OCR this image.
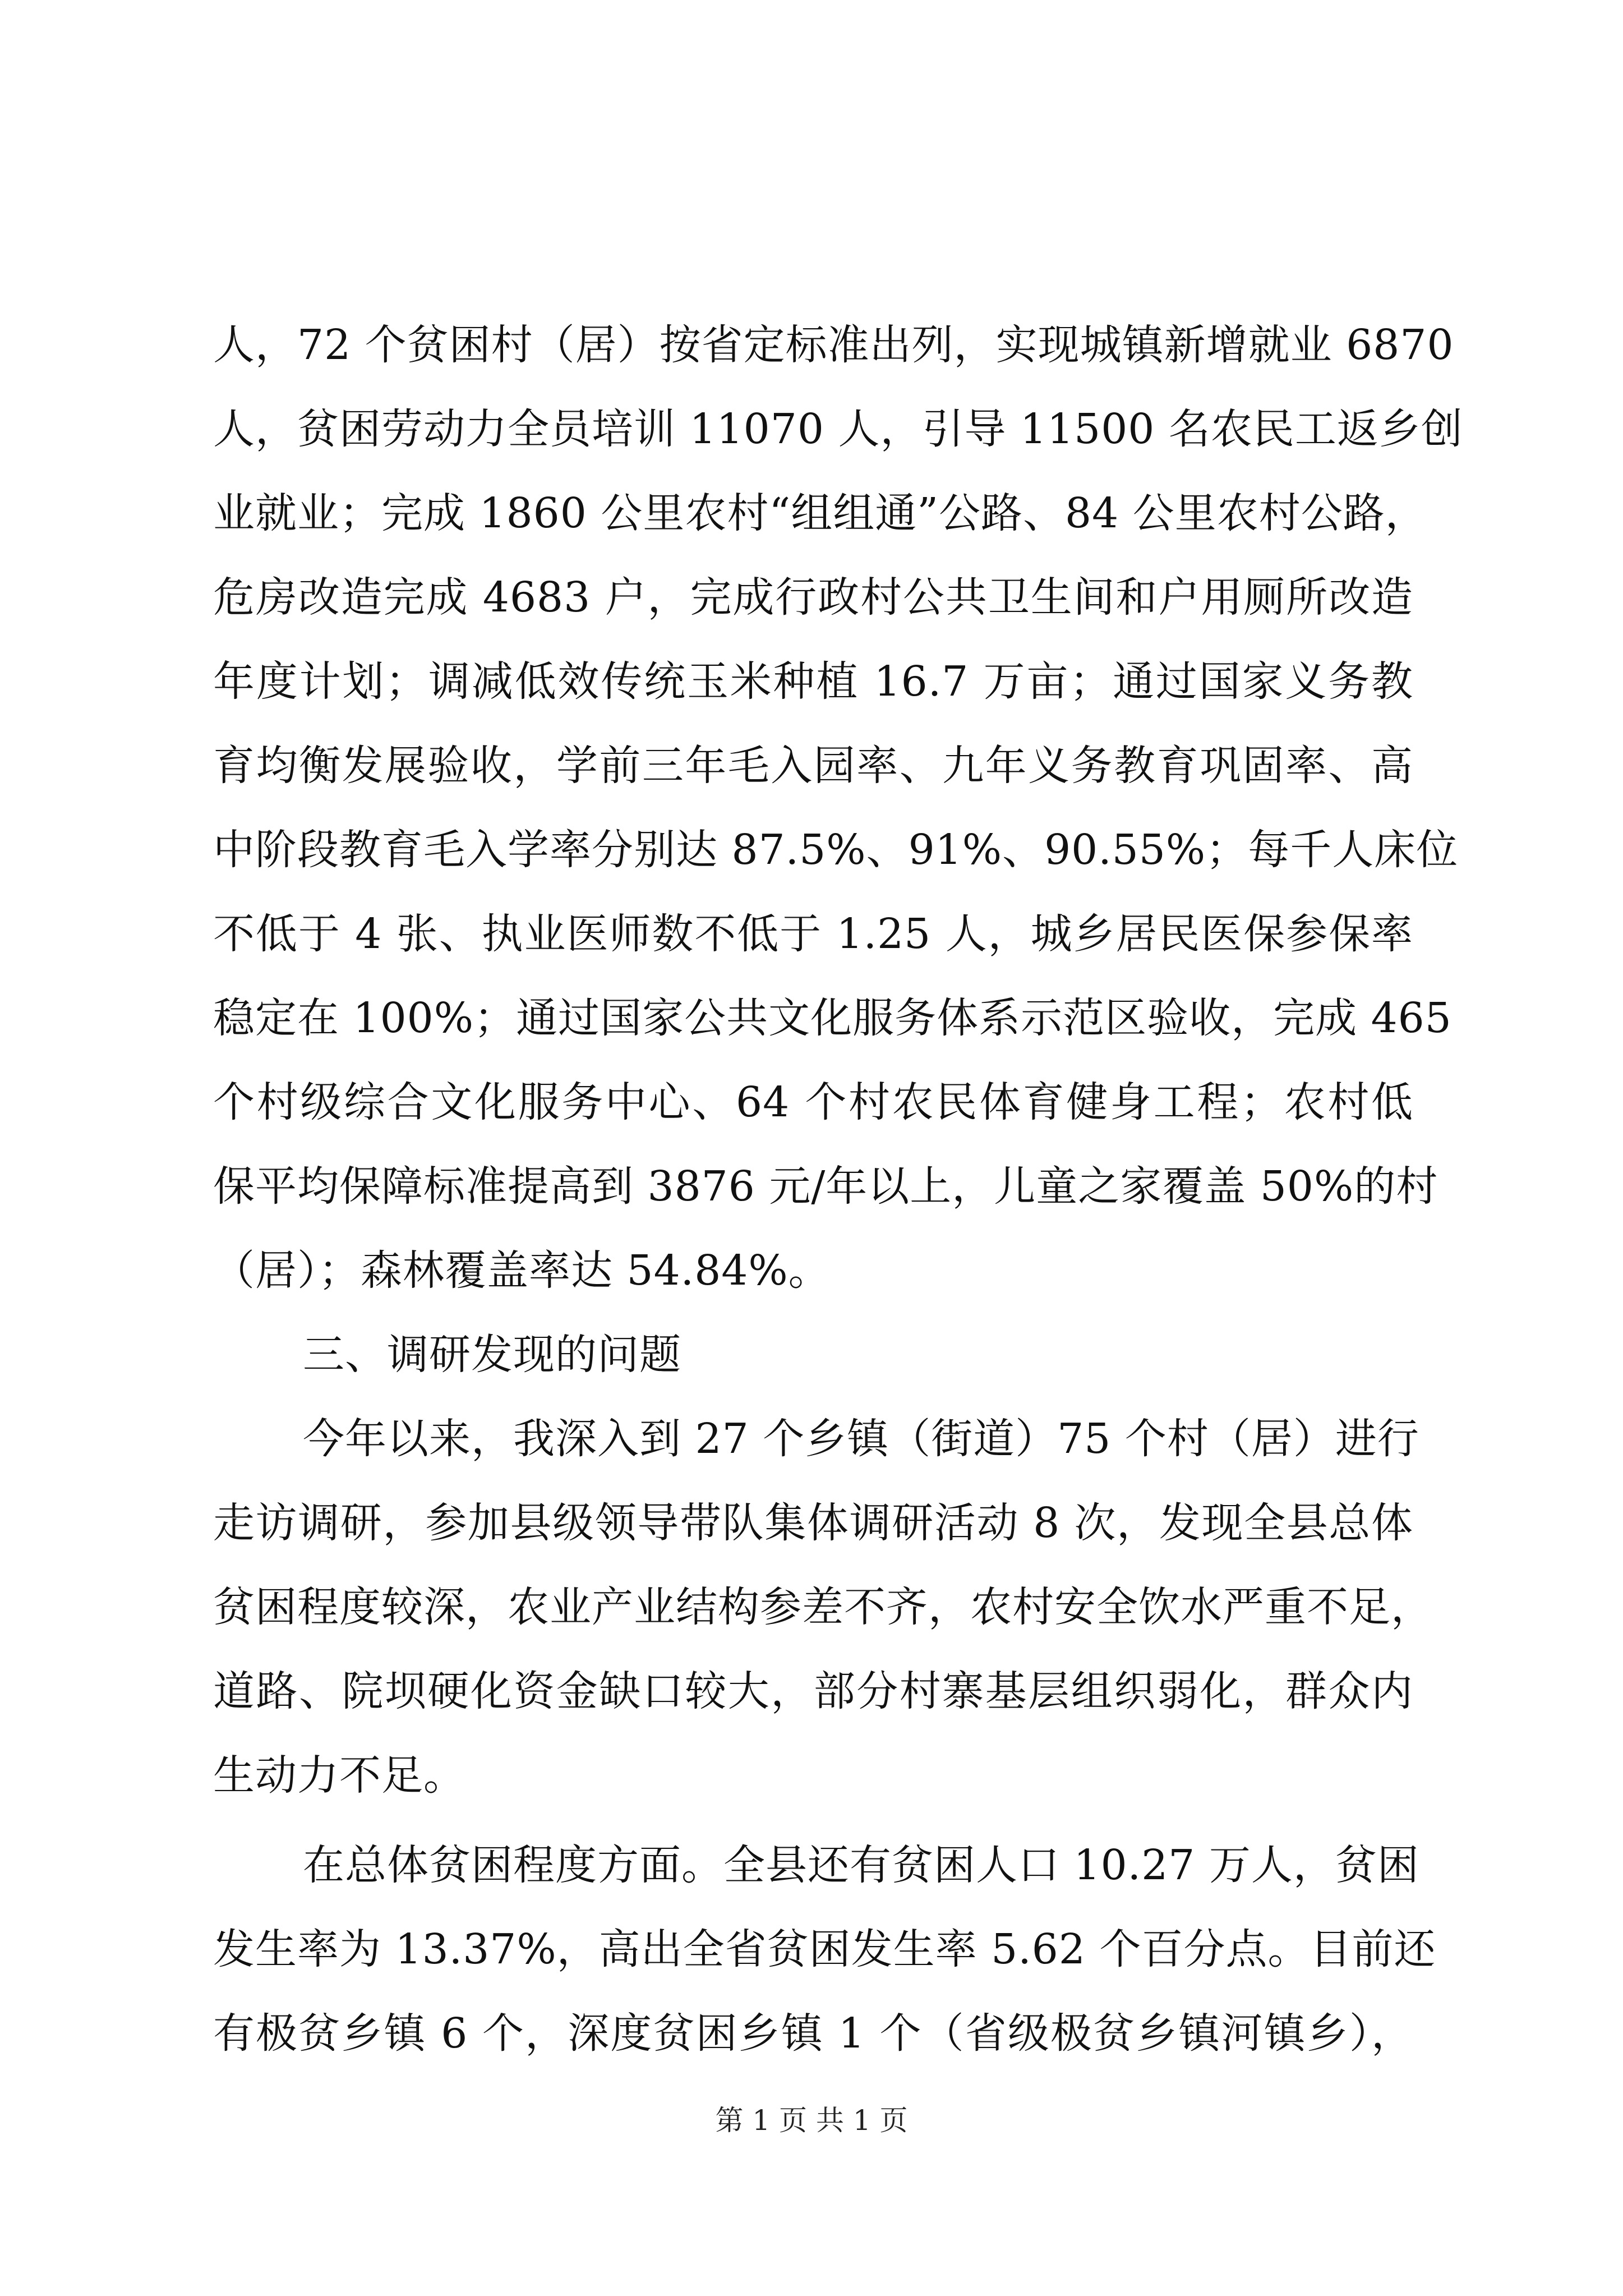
人，72 个贫困村（居）按省定标准出列，实现城镇新增就业 6870
人，贫困劳动力全员培训 11070 人，引导 11500 名农民工返乡创
业就业；完成 1860 公里农村“组组通”公路、84 公里农村公路，
危房改造完成 4683 户，完成行政村公共卫生间和户用厕所改造
年度计划；调减低效传统玉米种植 16.7 万亩；通过国家义务教
育均衡发展验收，学前三年毛入园率、九年义务教育巩固率、高
中阶段教育毛入学率分别达 87.5%、91%、90.55%；每千人床位
不低于 4 张、执业医师数不低于 1.25 人，城乡居民医保参保率
稳定在 100%；通过国家公共文化服务体系示范区验收，完成 465
个村级综合文化服务中心、64 个村农民体育健身工程；农村低
保平均保障标准提高到 3876 元/年以上，儿童之家覆盖 50%的村
（居）；森林覆盖率达 54.84%。
三、调研发现的问题
今年以来，我深入到 27 个乡镇（街道）75 个村（居）进行
走访调研，参加县级领导带队集体调研活动 8 次，发现全县总体
贫困程度较深，农业产业结构参差不齐，农村安全饮水严重不足，
道路、院坝硬化资金缺口较大，部分村寨基层组织弱化，群众内
生动力不足。
在总体贫困程度方面。全县还有贫困人口 10.27 万人，贫困
发生率为 13.37%，高出全省贫困发生率 5.62 个百分点。目前还
有极贫乡镇 6 个，深度贫困乡镇 1 个（省级极贫乡镇河镇乡），
第 1 页 共 1 页
